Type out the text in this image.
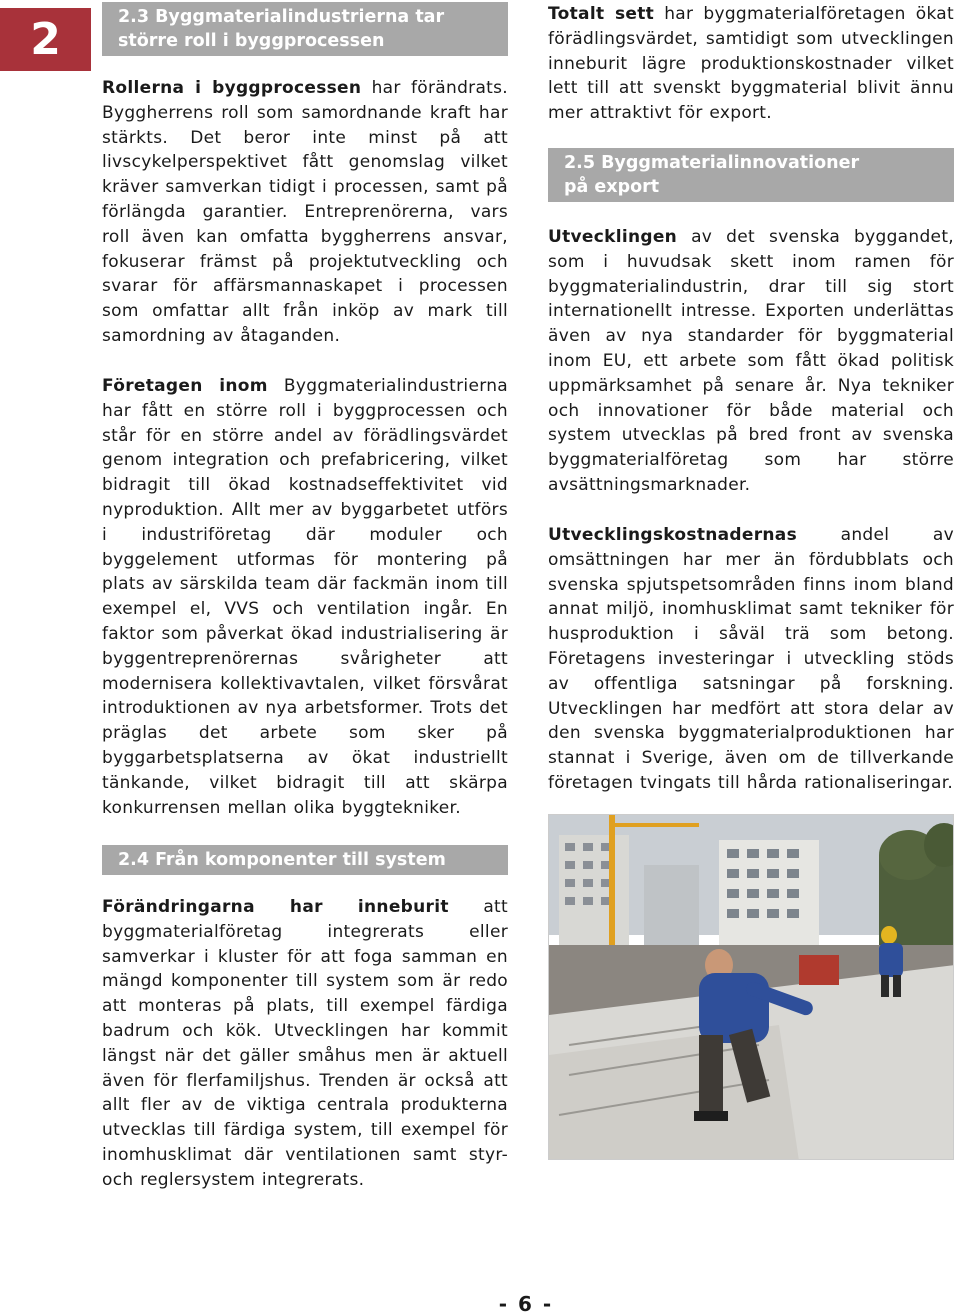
2	2.3 Byggmaterialindustrierna tar
större roll i byggprocessen

Rollerna i byggprocessen har förändrats. Byggherrens roll som samordnande kraft har stärkts. Det beror inte minst på att livscykelperspektivet fått genomslag vilket kräver samverkan tidigt i processen, samt på förlängda garantier. Entreprenörerna, vars roll även kan omfatta byggherrens ansvar, fokuserar främst på projektutveckling och svarar för affärsmannaskapet i processen som omfattar allt från inköp av mark till samordning av åtaganden.

Företagen inom Byggmaterialindustrierna har fått en större roll i byggprocessen och står för en större andel av förädlingsvärdet genom integration och prefabricering, vilket bidragit till ökad kostnadseffektivitet vid nyproduktion. Allt mer av byggarbetet utförs i industriföretag där moduler och byggelement utformas för montering på plats av särskilda team där fackmän inom till exempel el, VVS och ventilation ingår. En faktor som påverkat ökad industrialisering är byggentreprenörernas svårigheter att modernisera kollektivavtalen, vilket försvårat introduktionen av nya arbetsformer. Trots det präglas det arbete som sker på byggarbetsplatserna av ökat industriellt tänkande, vilket bidragit till att skärpa konkurrensen mellan olika byggtekniker.

2.4 Från komponenter till system

Förändringarna har inneburit att byggmaterialföretag integrerats eller samverkar i kluster för att foga samman en mängd komponenter till system som är redo att monteras på plats, till exempel färdiga badrum och kök. Utvecklingen har kommit längst när det gäller småhus men är aktuell även för flerfamiljshus. Trenden är också att allt fler av de viktiga centrala produkterna utvecklas till färdiga system, till exempel för inomhusklimat där ventilationen samt styr- och reglersystem integrerats.

Totalt sett har byggmaterialföretagen ökat förädlingsvärdet, samtidigt som utvecklingen inneburit lägre produktionskostnader vilket lett till att svenskt byggmaterial blivit ännu mer attraktivt för export.

2.5 Byggmaterialinnovationer
på export

Utvecklingen av det svenska byggandet, som i huvudsak skett inom ramen för byggmaterialindustrin, drar till sig stort internationellt intresse. Exporten underlättas även av nya standarder för byggmaterial inom EU, ett arbete som fått ökad politisk uppmärksamhet på senare år. Nya tekniker och innovationer för både material och system utvecklas på bred front av svenska byggmaterialföretag som har större avsättningsmarknader.

Utvecklingskostnadernas andel av omsättningen har mer än fördubblats och svenska spjutspetsområden finns inom bland annat miljö, inomhusklimat samt tekniker för husproduktion i såväl trä som betong. Företagens investeringar i utveckling stöds av offentliga satsningar på forskning. Utvecklingen har medfört att stora delar av den svenska byggmaterialproduktionen har stannat i Sverige, även om de tillverkande företagen tvingats till hårda rationaliseringar.

- 6 -
